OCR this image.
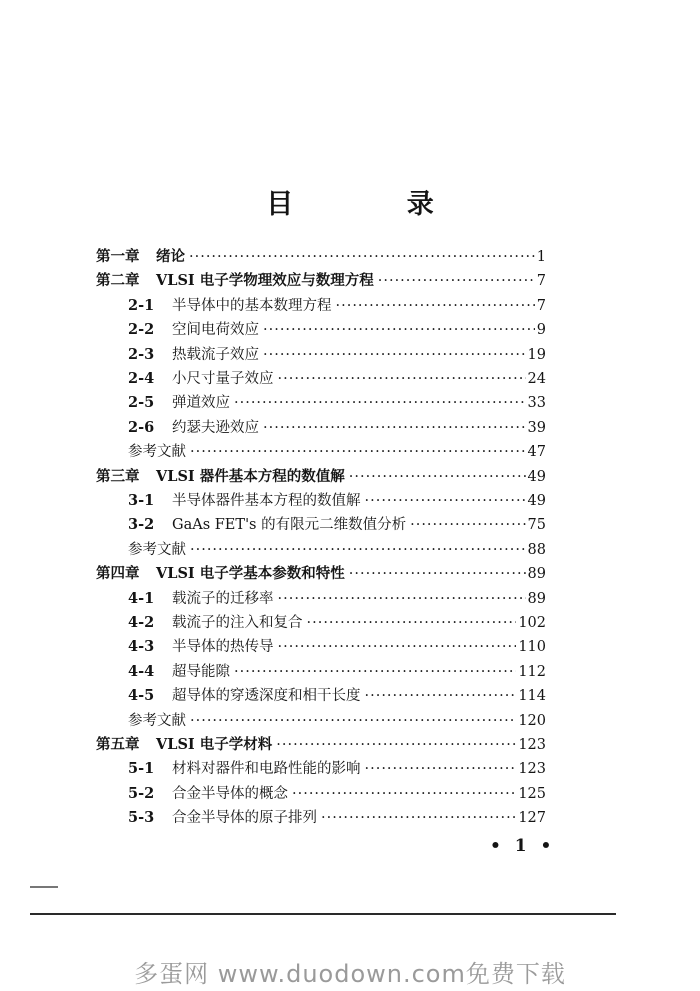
目 录
第一章	绪论 ·····	1
第二章	VLSI 电子学物理效应与数理方程 ·····	7
2-1	半导体中的基本数理方程 ·····	7
2-2	空间电荷效应 ·····	9
2-3	热载流子效应 ·····	19
2-4	小尺寸量子效应 ·····	24
2-5	弹道效应 ·····	33
2-6	约瑟夫逊效应 ·····	39
参考文献 ·····	47
第三章	VLSI 器件基本方程的数值解 ·····	49
3-1	半导体器件基本方程的数值解 ·····	49
3-2	GaAs FET's 的有限元二维数值分析 ·····	75
参考文献 ·····	88
第四章	VLSI 电子学基本参数和特性 ·····	89
4-1	载流子的迁移率 ·····	89
4-2	载流子的注入和复合 ·····	102
4-3	半导体的热传导 ·····	110
4-4	超导能隙 ·····	112
4-5	超导体的穿透深度和相干长度 ·····	114
参考文献 ·····	120
第五章	VLSI 电子学材料 ·····	123
5-1	材料对器件和电路性能的影响 ·····	123
5-2	合金半导体的概念 ·····	125
5-3	合金半导体的原子排列 ·····	127
• 1 •
多蛋网 www.duodown.com免费下载
